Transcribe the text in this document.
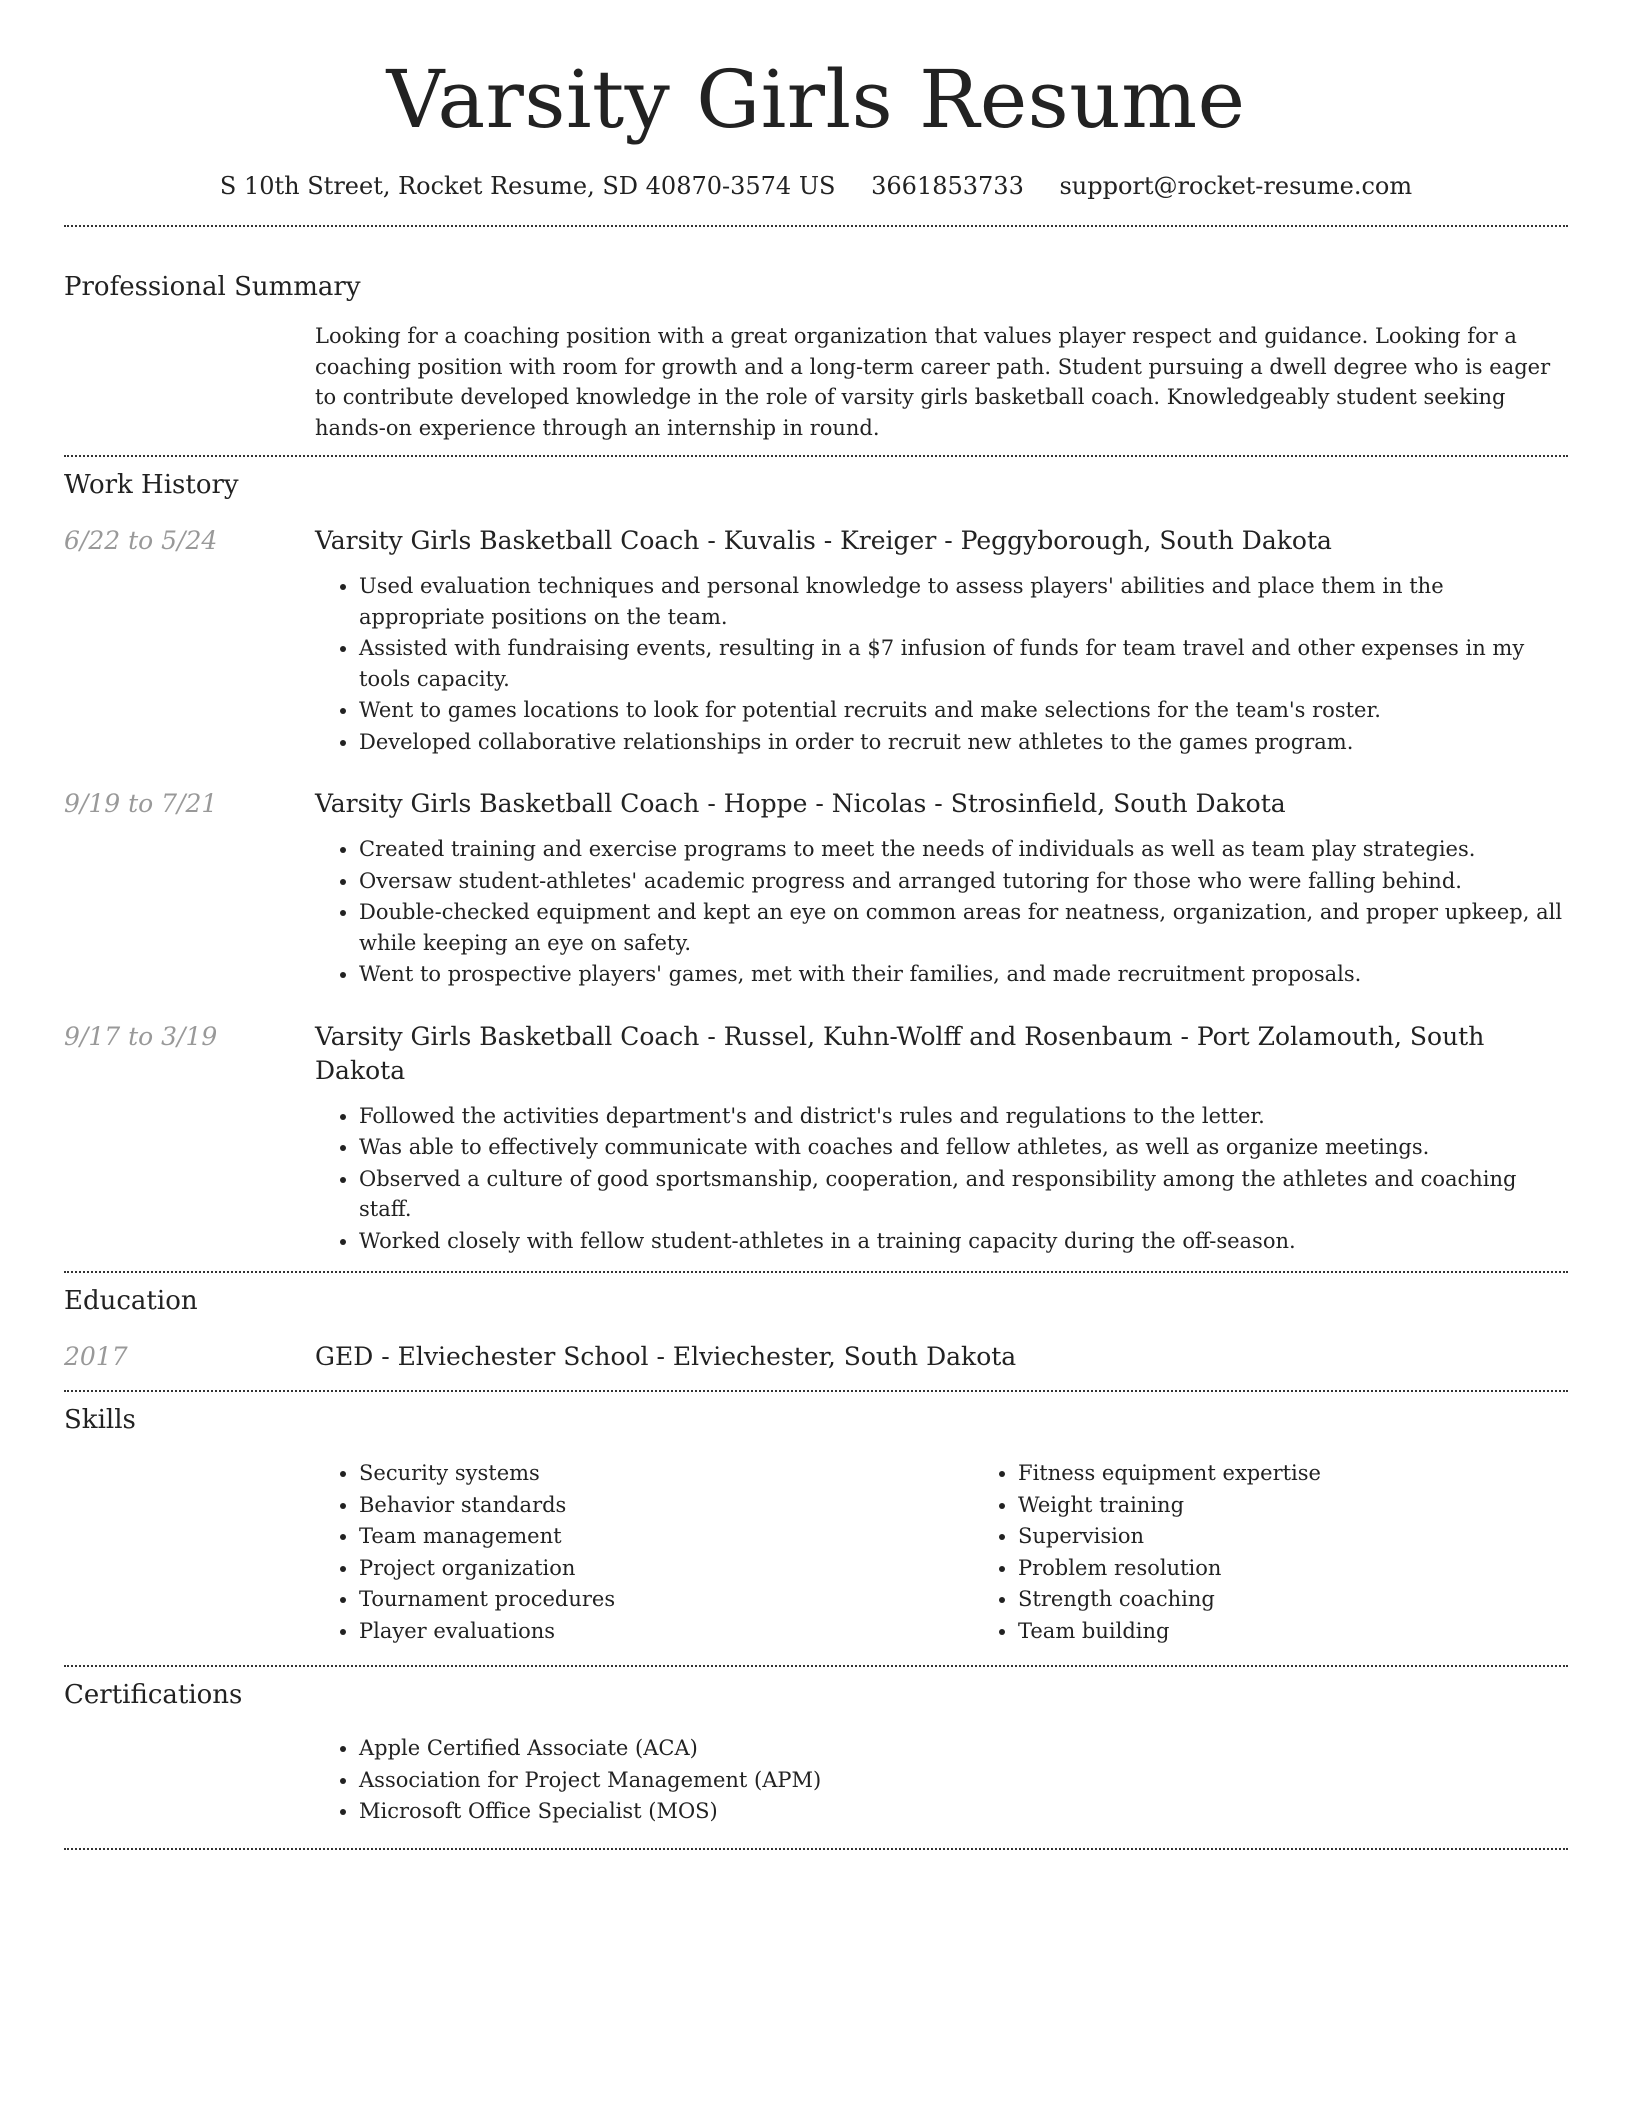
Varsity Girls Resume
S 10th Street, Rocket Resume, SD 40870-3574 US 3661853733 support@rocket-resume.com
Professional Summary

Looking for a coaching position with a great organization that values player respect and guidance. Looking for a coaching position with room for growth and a long-term career path. Student pursuing a dwell degree who is eager to contribute developed knowledge in the role of varsity girls basketball coach. Knowledgeably student seeking hands-on experience through an internship in round.

Work History
6/22 to 5/24	Varsity Girls Basketball Coach - Kuvalis - Kreiger - Peggyborough, South Dakota
• Used evaluation techniques and personal knowledge to assess players' abilities and place them in the appropriate positions on the team.
• Assisted with fundraising events, resulting in a $7 infusion of funds for team travel and other expenses in my tools capacity.
• Went to games locations to look for potential recruits and make selections for the team's roster.
• Developed collaborative relationships in order to recruit new athletes to the games program.
9/19 to 7/21	Varsity Girls Basketball Coach - Hoppe - Nicolas - Strosinfield, South Dakota
• Created training and exercise programs to meet the needs of individuals as well as team play strategies.
• Oversaw student-athletes' academic progress and arranged tutoring for those who were falling behind.
• Double-checked equipment and kept an eye on common areas for neatness, organization, and proper upkeep, all while keeping an eye on safety.
• Went to prospective players' games, met with their families, and made recruitment proposals.
9/17 to 3/19	Varsity Girls Basketball Coach - Russel, Kuhn-Wolff and Rosenbaum - Port Zolamouth, South Dakota
• Followed the activities department's and district's rules and regulations to the letter.
• Was able to effectively communicate with coaches and fellow athletes, as well as organize meetings.
• Observed a culture of good sportsmanship, cooperation, and responsibility among the athletes and coaching staff.
• Worked closely with fellow student-athletes in a training capacity during the off-season.
Education
2017	GED - Elviechester School - Elviechester, South Dakota
Skills
• Security systems
• Behavior standards
• Team management
• Project organization
• Tournament procedures
• Player evaluations
• Fitness equipment expertise
• Weight training
• Supervision
• Problem resolution
• Strength coaching
• Team building
Certifications
• Apple Certified Associate (ACA)
• Association for Project Management (APM)
• Microsoft Office Specialist (MOS)
